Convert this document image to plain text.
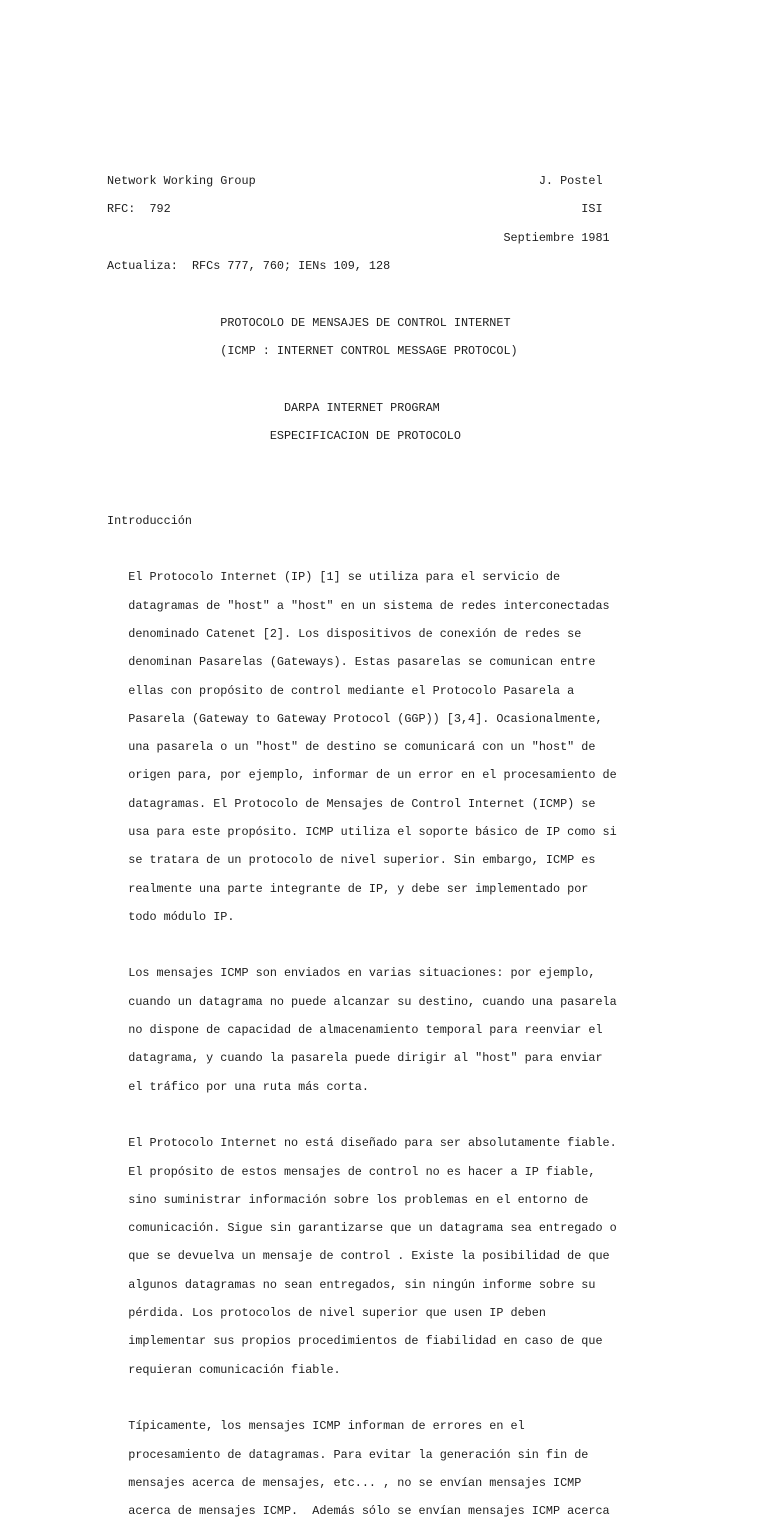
Network Working Group                                        J. Postel

RFC:  792                                                          ISI

Septiembre 1981

Actualiza:  RFCs 777, 760; IENs 109, 128

PROTOCOLO DE MENSAJES DE CONTROL INTERNET

(ICMP : INTERNET CONTROL MESSAGE PROTOCOL)

DARPA INTERNET PROGRAM

ESPECIFICACION DE PROTOCOLO

Introducción

El Protocolo Internet (IP) [1] se utiliza para el servicio de

datagramas de "host" a "host" en un sistema de redes interconectadas

denominado Catenet [2]. Los dispositivos de conexión de redes se

denominan Pasarelas (Gateways). Estas pasarelas se comunican entre

ellas con propósito de control mediante el Protocolo Pasarela a

Pasarela (Gateway to Gateway Protocol (GGP)) [3,4]. Ocasionalmente,

una pasarela o un "host" de destino se comunicará con un "host" de

origen para, por ejemplo, informar de un error en el procesamiento de

datagramas. El Protocolo de Mensajes de Control Internet (ICMP) se

usa para este propósito. ICMP utiliza el soporte básico de IP como si

se tratara de un protocolo de nivel superior. Sin embargo, ICMP es

realmente una parte integrante de IP, y debe ser implementado por

todo módulo IP.

Los mensajes ICMP son enviados en varias situaciones: por ejemplo,

cuando un datagrama no puede alcanzar su destino, cuando una pasarela

no dispone de capacidad de almacenamiento temporal para reenviar el

datagrama, y cuando la pasarela puede dirigir al "host" para enviar

el tráfico por una ruta más corta.

El Protocolo Internet no está diseñado para ser absolutamente fiable.

El propósito de estos mensajes de control no es hacer a IP fiable,

sino suministrar información sobre los problemas en el entorno de

comunicación. Sigue sin garantizarse que un datagrama sea entregado o

que se devuelva un mensaje de control . Existe la posibilidad de que

algunos datagramas no sean entregados, sin ningún informe sobre su

pérdida. Los protocolos de nivel superior que usen IP deben

implementar sus propios procedimientos de fiabilidad en caso de que

requieran comunicación fiable.

Típicamente, los mensajes ICMP informan de errores en el

procesamiento de datagramas. Para evitar la generación sin fin de

mensajes acerca de mensajes, etc... , no se envían mensajes ICMP

acerca de mensajes ICMP.  Además sólo se envían mensajes ICMP acerca
